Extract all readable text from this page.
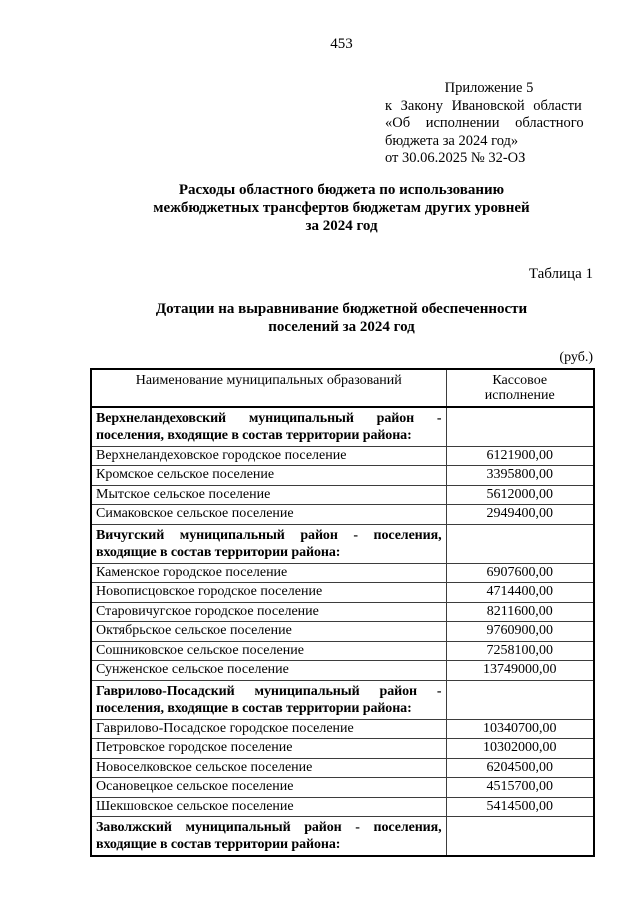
453
Приложение 5
к Закону Ивановской области
«Об исполнении областного
бюджета за 2024 год»
от 30.06.2025 № 32-ОЗ
Расходы областного бюджета по использованию
межбюджетных трансфертов бюджетам других уровней
за 2024 год
Таблица 1
Дотации на выравнивание бюджетной обеспеченности
поселений за 2024 год
(руб.)
Наименование муниципальных образований	Кассовое исполнение

Верхнеландеховский муниципальный район -
поселения, входящие в состав территории района:	

Верхнеландеховское городское поселение	6121900,00
Кромское сельское поселение	3395800,00
Мытское сельское поселение	5612000,00
Симаковское сельское поселение	2949400,00

Вичугский муниципальный район - поселения,
входящие в состав территории района:	

Каменское городское поселение	6907600,00
Новописцовское городское поселение	4714400,00
Старовичугское городское поселение	8211600,00
Октябрьское сельское поселение	9760900,00
Сошниковское сельское поселение	7258100,00
Сунженское сельское поселение	13749000,00

Гаврилово-Посадский муниципальный район -
поселения, входящие в состав территории района:	

Гаврилово-Посадское городское поселение	10340700,00
Петровское городское поселение	10302000,00
Новоселковское сельское поселение	6204500,00
Осановецкое сельское поселение	4515700,00
Шекшовское сельское поселение	5414500,00

Заволжский муниципальный район - поселения,
входящие в состав территории района:	
